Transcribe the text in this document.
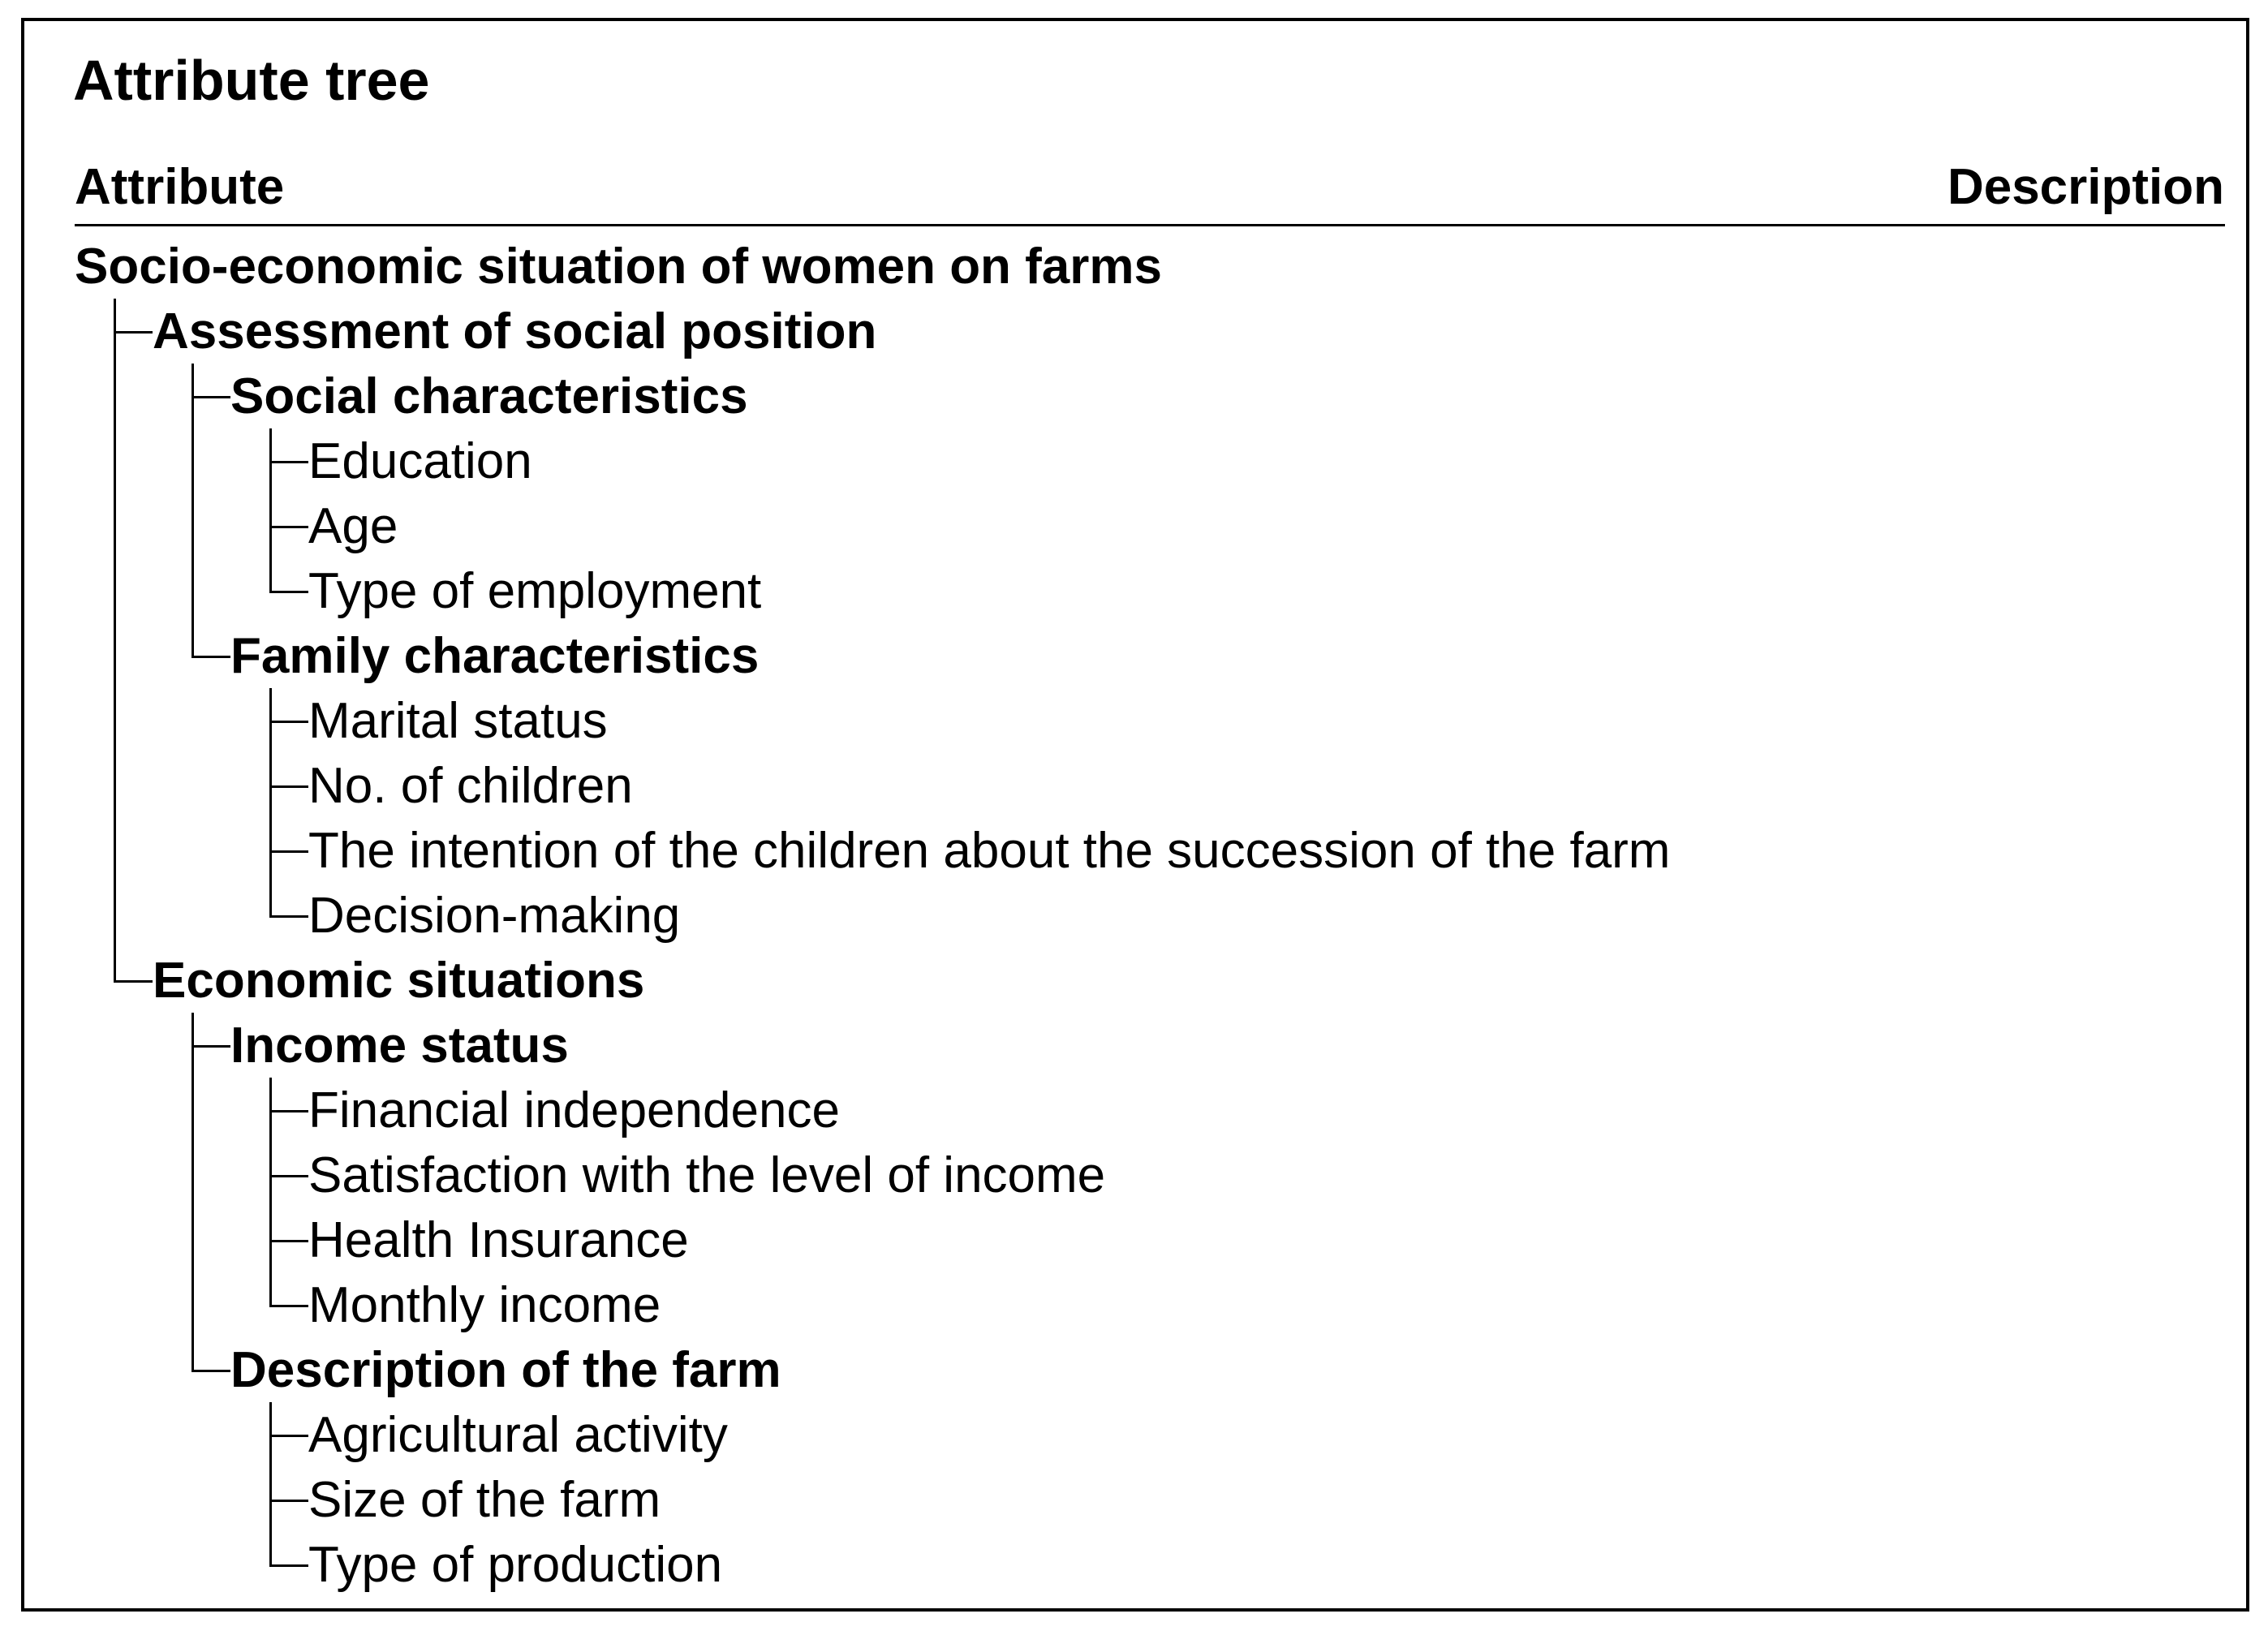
Attribute tree
Attribute	Description
Socio-economic situation of women on farms
Assessment of social position
Social characteristics
Education
Age
Type of employment
Family characteristics
Marital status
No. of children
The intention of the children about the succession of the farm
Decision-making
Economic situations
Income status
Financial independence
Satisfaction with the level of income
Health Insurance
Monthly income
Description of the farm
Agricultural activity
Size of the farm
Type of production
